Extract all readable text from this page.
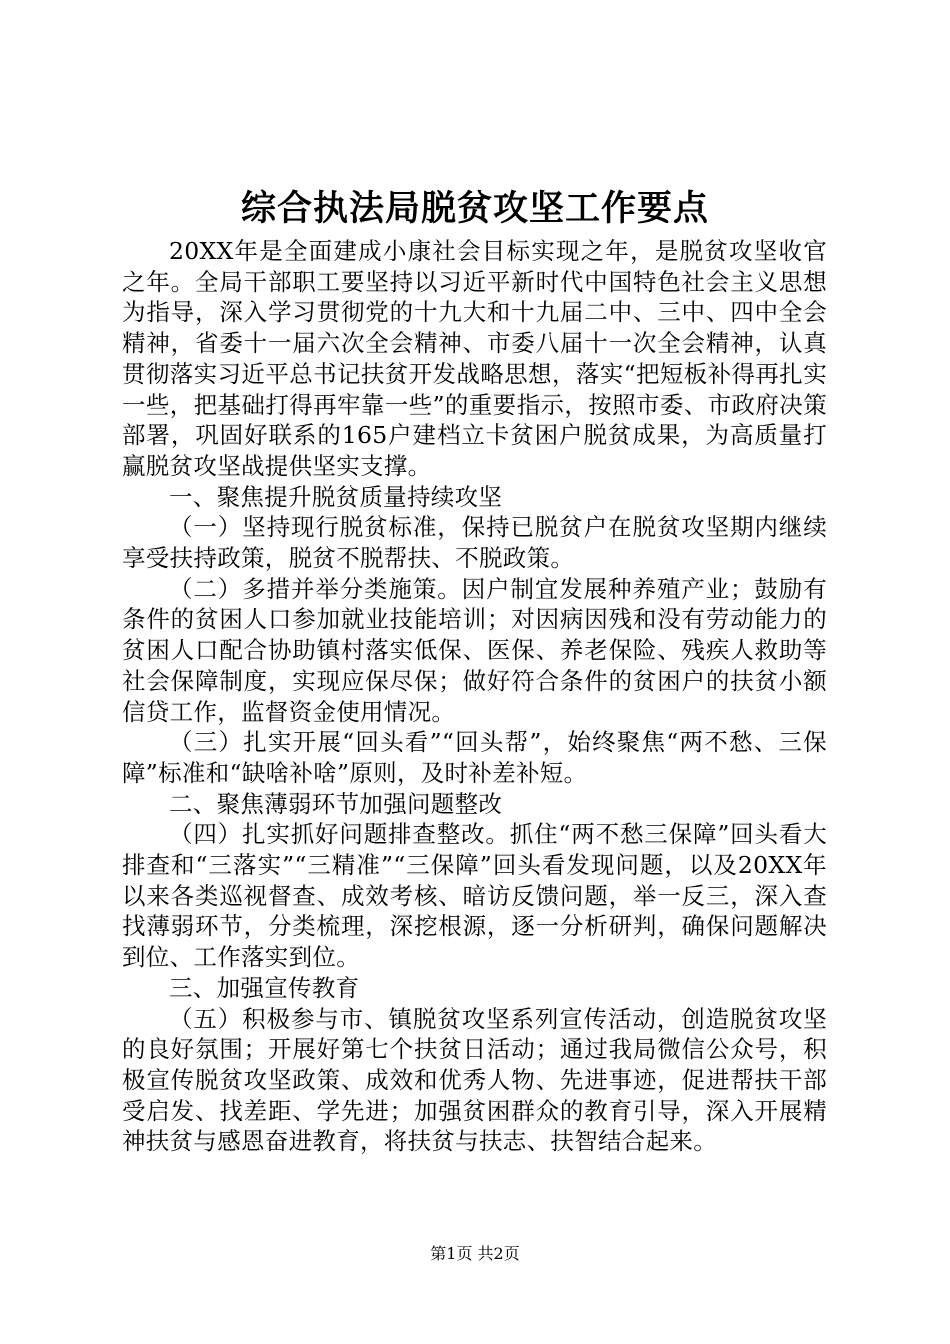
综合执法局脱贫攻坚工作要点

20XX年是全面建成小康社会目标实现之年，是脱贫攻坚收官之年。全局干部职工要坚持以习近平新时代中国特色社会主义思想为指导，深入学习贯彻党的十九大和十九届二中、三中、四中全会精神，省委十一届六次全会精神、市委八届十一次全会精神，认真贯彻落实习近平总书记扶贫开发战略思想，落实“把短板补得再扎实一些，把基础打得再牢靠一些”的重要指示，按照市委、市政府决策部署，巩固好联系的165户建档立卡贫困户脱贫成果，为高质量打赢脱贫攻坚战提供坚实支撑。

一、聚焦提升脱贫质量持续攻坚

（一）坚持现行脱贫标准，保持已脱贫户在脱贫攻坚期内继续享受扶持政策，脱贫不脱帮扶、不脱政策。

（二）多措并举分类施策。因户制宜发展种养殖产业；鼓励有条件的贫困人口参加就业技能培训；对因病因残和没有劳动能力的贫困人口配合协助镇村落实低保、医保、养老保险、残疾人救助等社会保障制度，实现应保尽保；做好符合条件的贫困户的扶贫小额信贷工作，监督资金使用情况。

（三）扎实开展“回头看”“回头帮”，始终聚焦“两不愁、三保障”标准和“缺啥补啥”原则，及时补差补短。

二、聚焦薄弱环节加强问题整改

（四）扎实抓好问题排查整改。抓住“两不愁三保障”回头看大排查和“三落实”“三精准”“三保障”回头看发现问题，以及20XX年以来各类巡视督查、成效考核、暗访反馈问题，举一反三，深入查找薄弱环节，分类梳理，深挖根源，逐一分析研判，确保问题解决到位、工作落实到位。

三、加强宣传教育

（五）积极参与市、镇脱贫攻坚系列宣传活动，创造脱贫攻坚的良好氛围；开展好第七个扶贫日活动；通过我局微信公众号，积极宣传脱贫攻坚政策、成效和优秀人物、先进事迹，促进帮扶干部受启发、找差距、学先进；加强贫困群众的教育引导，深入开展精神扶贫与感恩奋进教育，将扶贫与扶志、扶智结合起来。

第1页 共2页
